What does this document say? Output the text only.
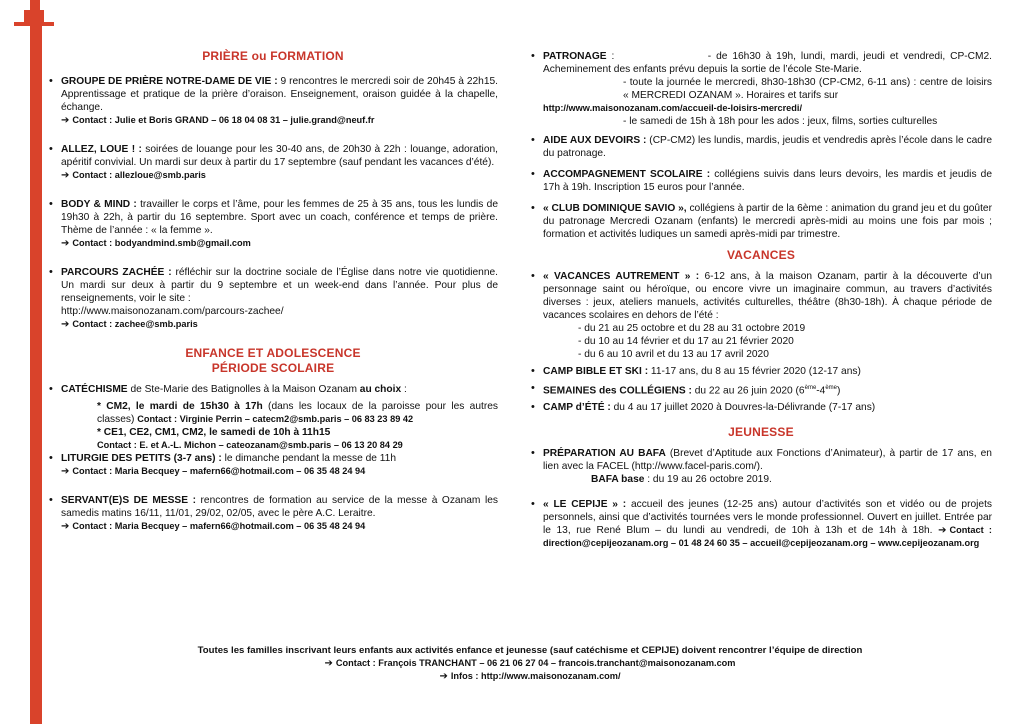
PRIÈRE ou FORMATION
• GROUPE DE PRIÈRE NOTRE-DAME DE VIE : 9 rencontres le mercredi soir de 20h45 à 22h15. Apprentissage et pratique de la prière d’oraison. Enseignement, oraison guidée à la chapelle, échange.
➔ Contact : Julie et Boris GRAND – 06 18 04 08 31 – julie.grand@neuf.fr
• ALLEZ, LOUE ! : soirées de louange pour les 30-40 ans, de 20h30 à 22h : louange, adoration, apéritif convivial. Un mardi sur deux à partir du 17 septembre (sauf pendant les vacances d’été).
➔ Contact : allezloue@smb.paris
• BODY & MIND : travailler le corps et l’âme, pour les femmes de 25 à 35 ans, tous les lundis de 19h30 à 22h, à partir du 16 septembre. Sport avec un coach, conférence et temps de prière. Thème de l’année : « la femme ».
➔ Contact : bodyandmind.smb@gmail.com
• PARCOURS ZACHÉE : réfléchir sur la doctrine sociale de l’Église dans notre vie quotidienne. Un mardi sur deux à partir du 9 septembre et un week-end dans l’année. Pour plus de renseignements, voir le site :
http://www.maisonozanam.com/parcours-zachee/
➔ Contact : zachee@smb.paris
ENFANCE ET ADOLESCENCE
PÉRIODE SCOLAIRE
• CATÉCHISME de Ste-Marie des Batignolles à la Maison Ozanam au choix :
* CM2, le mardi de 15h30 à 17h (dans les locaux de la paroisse pour les autres classes) Contact : Virginie Perrin – catecm2@smb.paris – 06 83 23 89 42
* CE1, CE2, CM1, CM2, le samedi de 10h à 11h15
Contact : E. et A.-L. Michon – cateozanam@smb.paris – 06 13 20 84 29
• LITURGIE DES PETITS (3-7 ans) : le dimanche pendant la messe de 11h
➔ Contact : Maria Becquey – mafern66@hotmail.com – 06 35 48 24 94
• SERVANT(E)S DE MESSE : rencontres de formation au service de la messe à Ozanam les samedis matins 16/11, 11/01, 29/02, 02/05, avec le père A.C. Leraitre.
➔ Contact : Maria Becquey – mafern66@hotmail.com – 06 35 48 24 94
• PATRONAGE :                   - de 16h30 à 19h, lundi, mardi, jeudi et vendredi, CP-CM2. Acheminement des enfants prévu depuis la sortie de l’école Ste-Marie.
- toute la journée le mercredi, 8h30-18h30 (CP-CM2, 6-11 ans) : centre de loisirs « MERCREDI OZANAM ». Horaires et tarifs sur
http://www.maisonozanam.com/accueil-de-loisirs-mercredi/
- le samedi de 15h à 18h pour les ados : jeux, films, sorties culturelles
• AIDE AUX DEVOIRS : (CP-CM2) les lundis, mardis, jeudis et vendredis après l’école dans le cadre du patronage.
• ACCOMPAGNEMENT SCOLAIRE : collégiens suivis dans leurs devoirs, les mardis et jeudis de 17h à 19h. Inscription 15 euros pour l’année.
• « CLUB DOMINIQUE SAVIO », collégiens à partir de la 6ème : animation du grand jeu et du goûter du patronage Mercredi Ozanam (enfants) le mercredi après-midi au moins une fois par mois ; formation et activités ludiques un samedi après-midi par trimestre.
VACANCES
• « VACANCES AUTREMENT » : 6-12 ans, à la maison Ozanam, partir à la découverte d’un personnage saint ou héroïque, ou encore vivre un imaginaire commun, au travers d’activités diverses : jeux, ateliers manuels, activités culturelles, théâtre (8h30-18h). À chaque période de vacances scolaires en dehors de l’été :
- du 21 au 25 octobre et du 28 au 31 octobre 2019
- du 10 au 14 février et du 17 au 21 février 2020
- du 6 au 10 avril et du 13 au 17 avril 2020
• CAMP BIBLE ET SKI : 11-17 ans, du 8 au 15 février 2020 (12-17 ans)
• SEMAINES des COLLÉGIENS : du 22 au 26 juin 2020 (6ème-4ème)
• CAMP d’ÉTÉ : du 4 au 17 juillet 2020 à Douvres-la-Délivrande (7-17 ans)
JEUNESSE
• PRÉPARATION AU BAFA (Brevet d’Aptitude aux Fonctions d’Animateur), à partir de 17 ans, en lien avec la FACEL (http://www.facel-paris.com/).
BAFA base : du 19 au 26 octobre 2019.
• « LE CEPIJE » : accueil des jeunes (12-25 ans) autour d’activités son et vidéo ou de projets personnels, ainsi que d’activités tournées vers le monde professionnel. Ouvert en juillet. Entrée par le 13, rue René Blum – du lundi au vendredi, de 10h à 13h et de 14h à 18h. ➔ Contact : direction@cepijeozanam.org – 01 48 24 60 35 – accueil@cepijeozanam.org – www.cepijeozanam.org
Toutes les familles inscrivant leurs enfants aux activités enfance et jeunesse (sauf catéchisme et CEPIJE) doivent rencontrer l’équipe de direction
➔ Contact : François TRANCHANT – 06 21 06 27 04 – francois.tranchant@maisonozanam.com
➔ Infos : http://www.maisonozanam.com/
